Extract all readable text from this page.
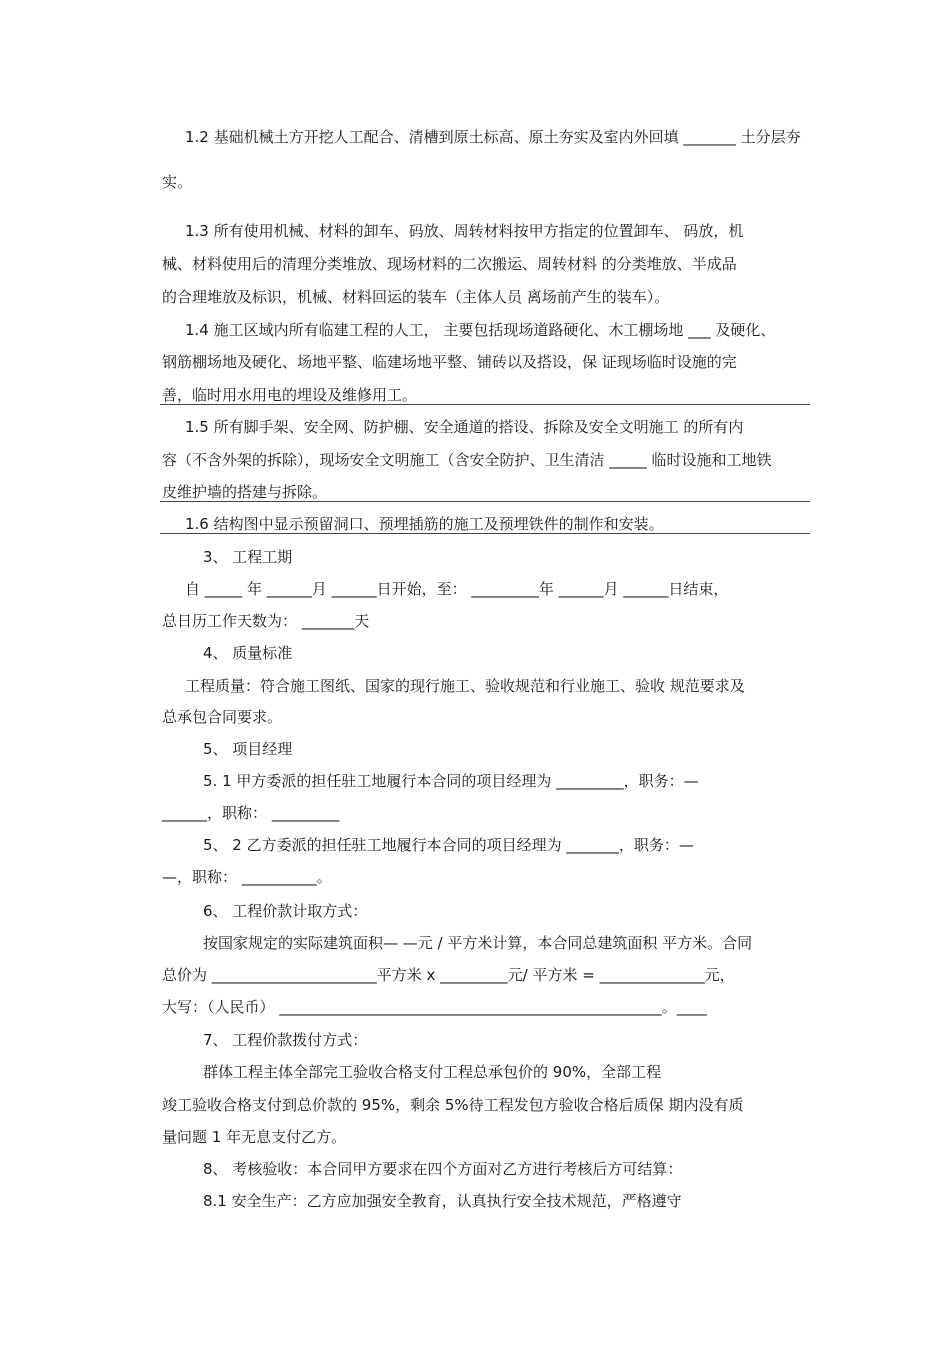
1.2 基础机械土方开挖人工配合、清槽到原土标高、原土夯实及室内外回填 _______ 土分层夯
实。
1.3 所有使用机械、材料的卸车、码放、周转材料按甲方指定的位置卸车、 码放，机
械、材料使用后的清理分类堆放、现场材料的二次搬运、周转材料 的分类堆放、半成品
的合理堆放及标识，机械、材料回运的装车（主体人员 离场前产生的装车）。
1.4 施工区域内所有临建工程的人工， 主要包括现场道路硬化、木工棚场地 ___ 及硬化、
钢筋棚场地及硬化、场地平整、临建场地平整、铺砖以及搭设，保 证现场临时设施的完
善，临时用水用电的埋设及维修用工。
1.5 所有脚手架、安全网、防护棚、安全通道的搭设、拆除及安全文明施工 的所有内
容（不含外架的拆除），现场安全文明施工（含安全防护、卫生清洁 _____ 临时设施和工地铁
皮维护墙的搭建与拆除。
1.6 结构图中显示预留洞口、预埋插筋的施工及预埋铁件的制作和安装。
3、 工程工期
自 _____ 年 ______月 ______日开始，至： _________年 ______月 ______日结束，
总日历工作天数为： _______天
4、 质量标准
工程质量：符合施工图纸、国家的现行施工、验收规范和行业施工、验收 规范要求及
总承包合同要求。
5、 项目经理
5. 1 甲方委派的担任驻工地履行本合同的项目经理为 _________，职务：—
______，职称： _________
5、 2 乙方委派的担任驻工地履行本合同的项目经理为 _______，职务：—
—，职称： __________。
6、 工程价款计取方式：
按国家规定的实际建筑面积— —元 / 平方米计算，本合同总建筑面积 平方米。合同
总价为 ______________________平方米 x _________元/ 平方米 = ______________元，
大写：（人民币） ___________________________________________________。____
7、 工程价款拨付方式：
群体工程主体全部完工验收合格支付工程总承包价的 90%，全部工程
竣工验收合格支付到总价款的 95%，剩余 5%待工程发包方验收合格后质保 期内没有质
量问题 1 年无息支付乙方。
8、 考核验收：本合同甲方要求在四个方面对乙方进行考核后方可结算：
8.1 安全生产：乙方应加强安全教育，认真执行安全技术规范，严格遵守
